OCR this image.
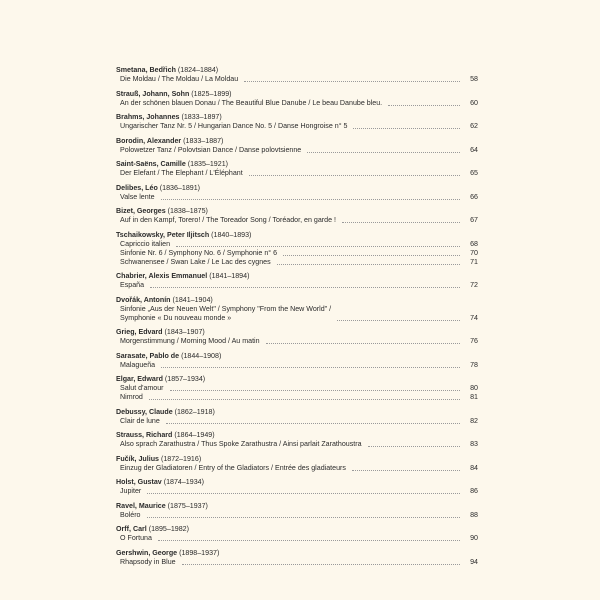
Smetana, Bedřich (1824–1884)
Die Moldau / The Moldau / La Moldau	58
Strauß, Johann, Sohn (1825–1899)
An der schönen blauen Donau / The Beautiful Blue Danube / Le beau Danube bleu.	60
Brahms, Johannes (1833–1897)
Ungarischer Tanz Nr. 5 / Hungarian Dance No. 5 / Danse Hongroise n° 5	62
Borodin, Alexander (1833–1887)
Polowetzer Tanz / Polovtsian Dance / Danse polovtsienne	64
Saint-Saëns, Camille (1835–1921)
Der Elefant / The Elephant / L'Éléphant	65
Delibes, Léo (1836–1891)
Valse lente	66
Bizet, Georges (1838–1875)
Auf in den Kampf, Torero! / The Toreador Song / Toréador, en garde !	67
Tschaikowsky, Peter Iljitsch (1840–1893)
Capriccio italien	68
Sinfonie Nr. 6 / Symphony No. 6 / Symphonie n° 6	70
Schwanensee / Swan Lake / Le Lac des cygnes	71
Chabrier, Alexis Emmanuel (1841–1894)
España	72
Dvořák, Antonín (1841–1904)
Sinfonie „Aus der Neuen Welt" / Symphony "From the New World" /
Symphonie « Du nouveau monde »	74
Grieg, Edvard (1843–1907)
Morgenstimmung / Morning Mood / Au matin	76
Sarasate, Pablo de (1844–1908)
Malagueña	78
Elgar, Edward (1857–1934)
Salut d'amour	80
Nimrod	81
Debussy, Claude (1862–1918)
Clair de lune	82
Strauss, Richard (1864–1949)
Also sprach Zarathustra / Thus Spoke Zarathustra / Ainsi parlait Zarathoustra	83
Fučík, Julius (1872–1916)
Einzug der Gladiatoren / Entry of the Gladiators / Entrée des gladiateurs	84
Holst, Gustav (1874–1934)
Jupiter	86
Ravel, Maurice (1875–1937)
Boléro	88
Orff, Carl (1895–1982)
O Fortuna	90
Gershwin, George (1898–1937)
Rhapsody in Blue	94
